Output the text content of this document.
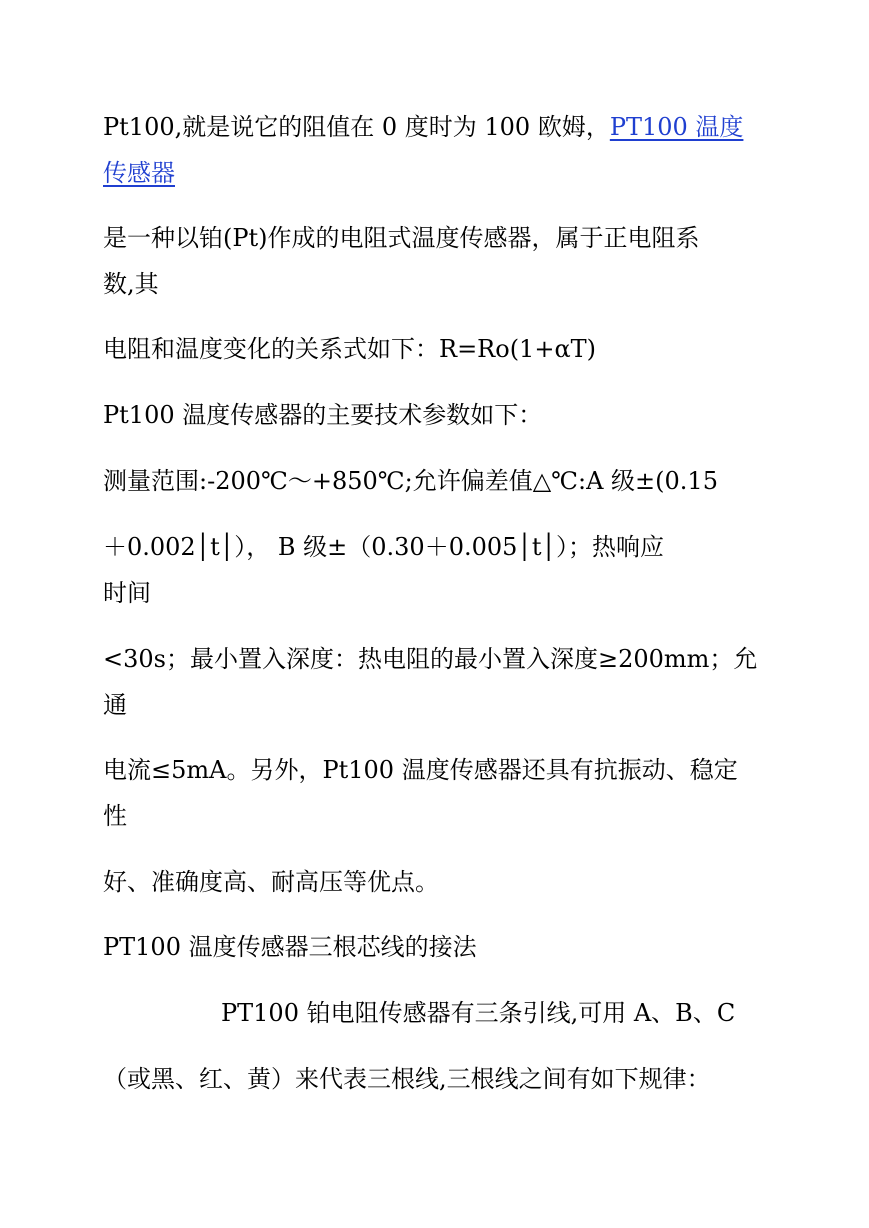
Pt100,就是说它的阻值在 0 度时为 100 欧姆，PT100 温度
传感器
是一种以铂(Pt)作成的电阻式温度传感器，属于正电阻系
数,其
电阻和温度变化的关系式如下：R=Ro(1+αT)
Pt100 温度传感器的主要技术参数如下：
测量范围:-200℃～+850℃;允许偏差值△℃:A 级±(0.15
＋0.002│t│）， B 级±（0.30＋0.005│t│）；热响应
时间
<30s；最小置入深度：热电阻的最小置入深度≥200mm；允
通
电流≤5mA。另外，Pt100 温度传感器还具有抗振动、稳定
性
好、准确度高、耐高压等优点。
PT100 温度传感器三根芯线的接法
PT100 铂电阻传感器有三条引线,可用 A、B、C
（或黑、红、黄）来代表三根线,三根线之间有如下规律：
